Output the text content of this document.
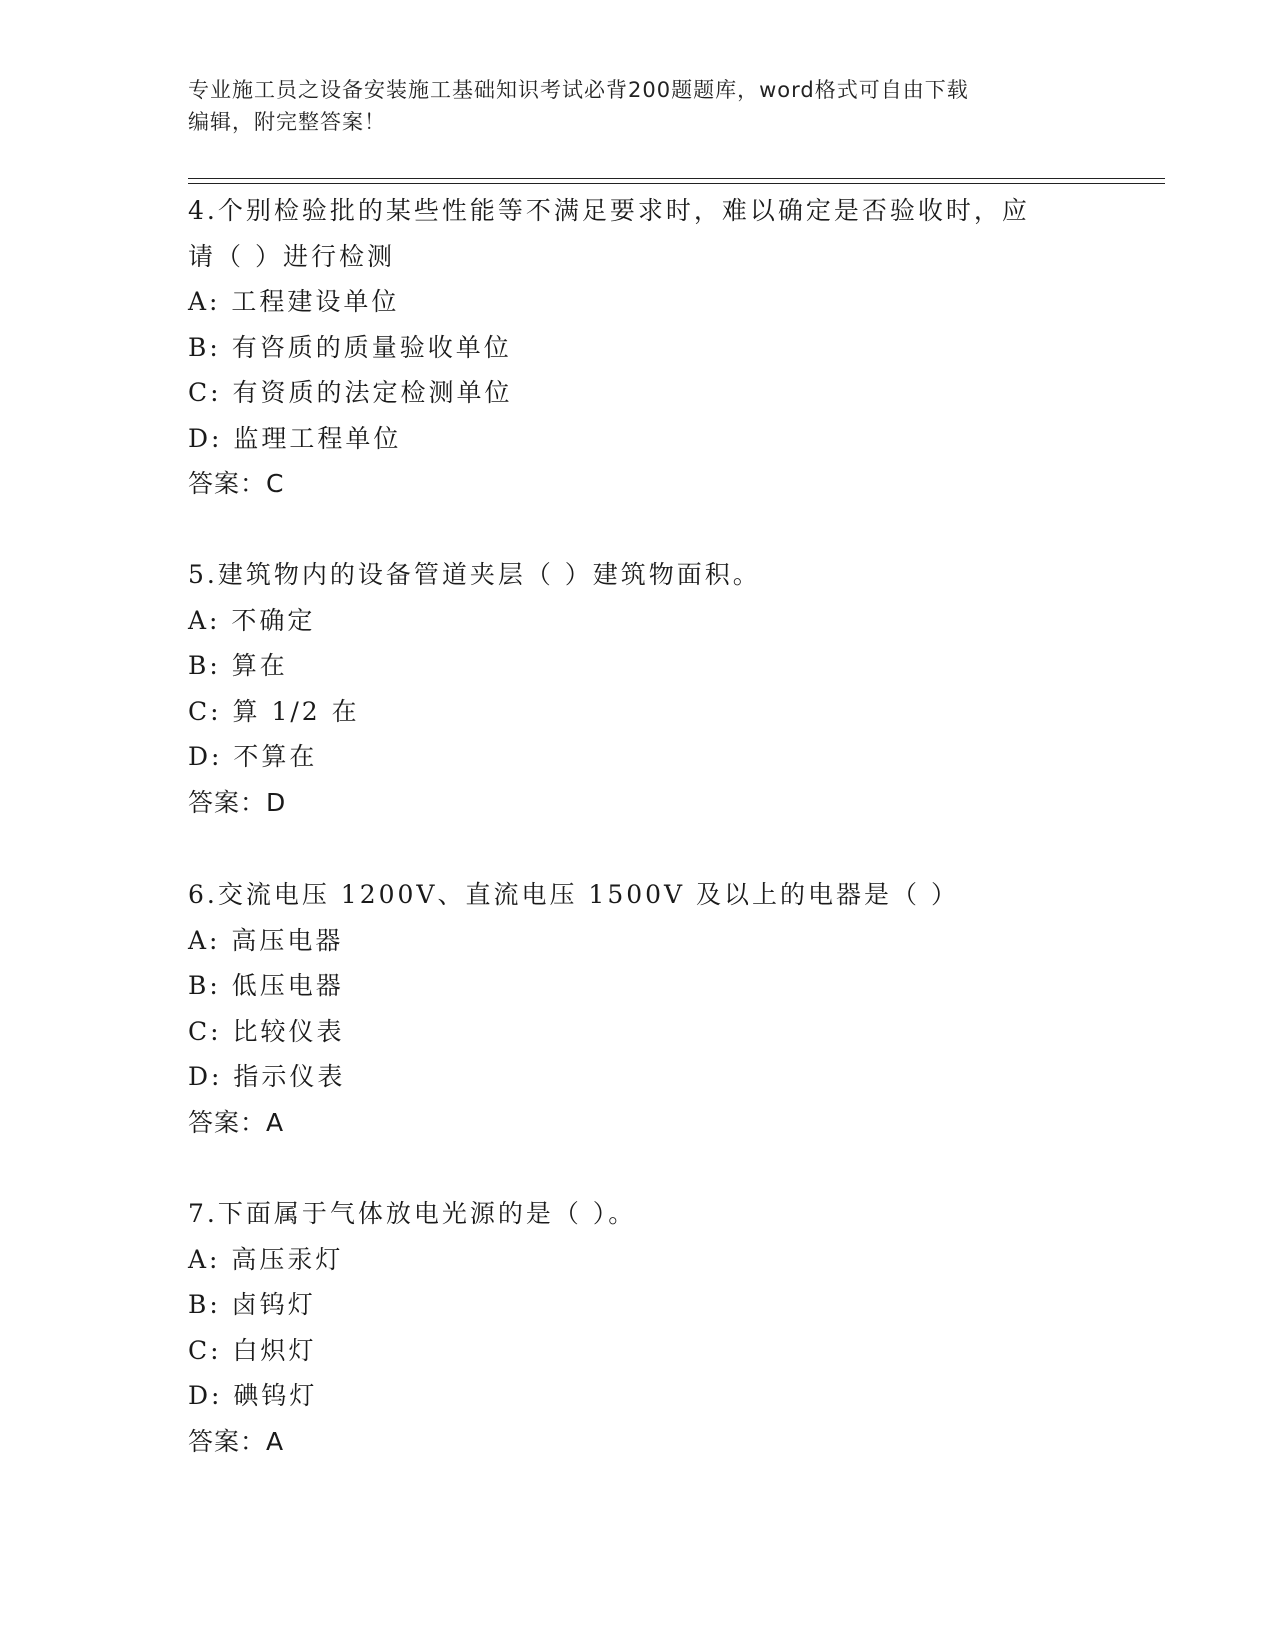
专业施工员之设备安装施工基础知识考试必背200题题库，word格式可自由下载
编辑，附完整答案！
4.个别检验批的某些性能等不满足要求时，难以确定是否验收时，应
请（ ）进行检测
A: 工程建设单位
B: 有咨质的质量验收单位
C: 有资质的法定检测单位
D: 监理工程单位
答案：C
5.建筑物内的设备管道夹层（ ）建筑物面积。
A: 不确定
B: 算在
C: 算 1/2 在
D: 不算在
答案：D
6.交流电压 1200V、直流电压 1500V 及以上的电器是（ ）
A: 高压电器
B: 低压电器
C: 比较仪表
D: 指示仪表
答案：A
7.下面属于气体放电光源的是（ ）。
A: 高压汞灯
B: 卤钨灯
C: 白炽灯
D: 碘钨灯
答案：A
